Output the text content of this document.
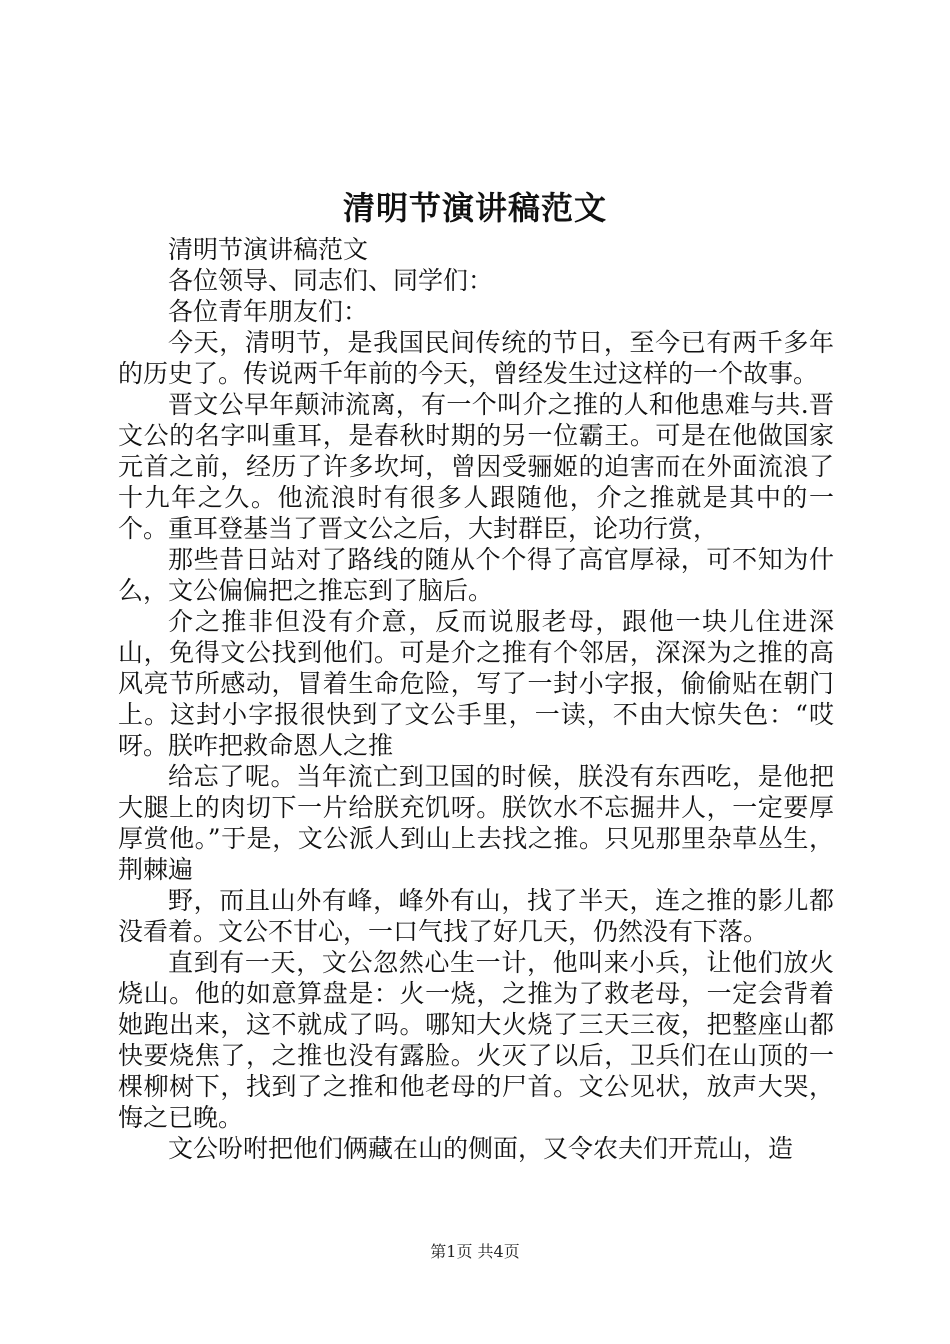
清明节演讲稿范文

清明节演讲稿范文

各位领导、同志们、同学们：

各位青年朋友们：

今天，清明节，是我国民间传统的节日，至今已有两千多年的历史了。传说两千年前的今天，曾经发生过这样的一个故事。

晋文公早年颠沛流离，有一个叫介之推的人和他患难与共.晋文公的名字叫重耳，是春秋时期的另一位霸王。可是在他做国家元首之前，经历了许多坎坷，曾因受骊姬的迫害而在外面流浪了十九年之久。他流浪时有很多人跟随他，介之推就是其中的一个。重耳登基当了晋文公之后，大封群臣，论功行赏，

那些昔日站对了路线的随从个个得了高官厚禄，可不知为什么，文公偏偏把之推忘到了脑后。

介之推非但没有介意，反而说服老母，跟他一块儿住进深山，免得文公找到他们。可是介之推有个邻居，深深为之推的高风亮节所感动，冒着生命危险，写了一封小字报，偷偷贴在朝门上。这封小字报很快到了文公手里，一读，不由大惊失色：“哎呀。朕咋把救命恩人之推

给忘了呢。当年流亡到卫国的时候，朕没有东西吃，是他把大腿上的肉切下一片给朕充饥呀。朕饮水不忘掘井人，一定要厚厚赏他。”于是，文公派人到山上去找之推。只见那里杂草丛生，荆棘遍

野，而且山外有峰，峰外有山，找了半天，连之推的影儿都没看着。文公不甘心，一口气找了好几天，仍然没有下落。

直到有一天，文公忽然心生一计，他叫来小兵，让他们放火烧山。他的如意算盘是：火一烧，之推为了救老母，一定会背着她跑出来，这不就成了吗。哪知大火烧了三天三夜，把整座山都快要烧焦了，之推也没有露脸。火灭了以后，卫兵们在山顶的一棵柳树下，找到了之推和他老母的尸首。文公见状，放声大哭，悔之已晚。

文公吩咐把他们俩藏在山的侧面，又令农夫们开荒山，造

第1页 共4页
